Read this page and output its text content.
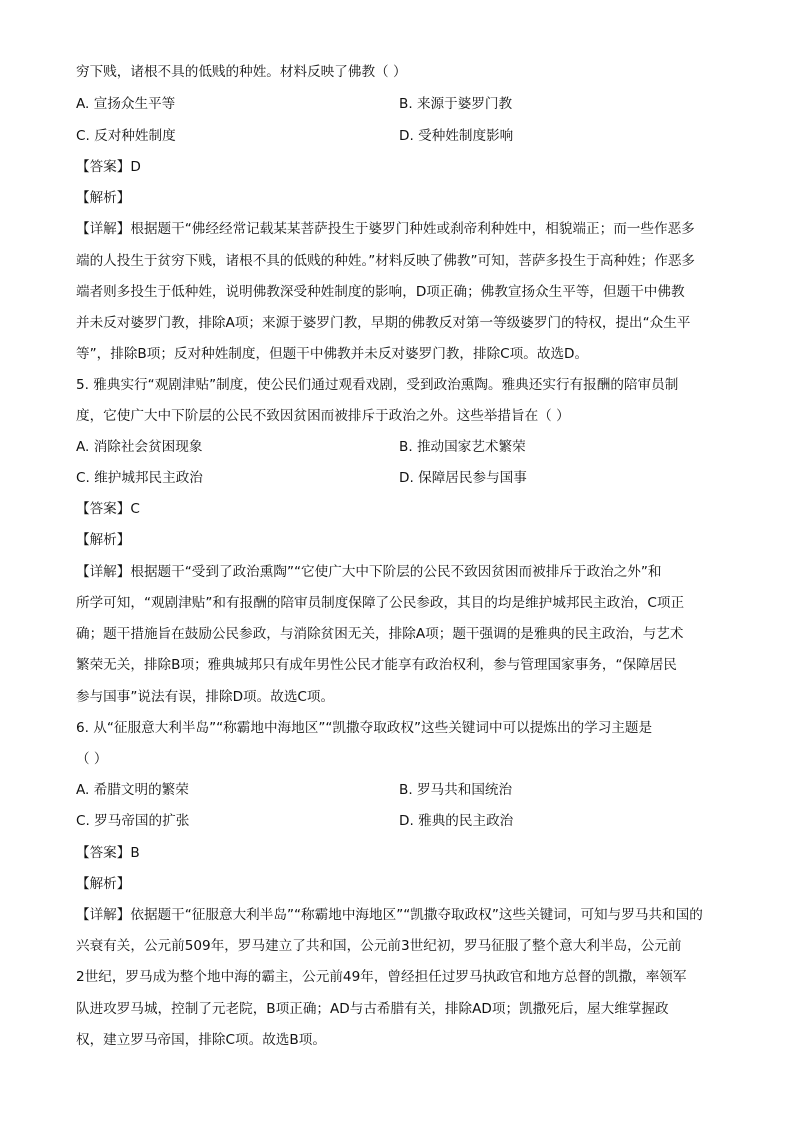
穷下贱，诸根不具的低贱的种姓。材料反映了佛教（ ）
A. 宣扬众生平等	B. 来源于婆罗门教
C. 反对种姓制度	D. 受种姓制度影响
【答案】D
【解析】
【详解】根据题干“佛经经常记载某某菩萨投生于婆罗门种姓或刹帝利种姓中，相貌端正；而一些作恶多
端的人投生于贫穷下贱，诸根不具的低贱的种姓。”材料反映了佛教”可知，菩萨多投生于高种姓；作恶多
端者则多投生于低种姓，说明佛教深受种姓制度的影响，D项正确；佛教宣扬众生平等，但题干中佛教
并未反对婆罗门教，排除A项；来源于婆罗门教，早期的佛教反对第一等级婆罗门的特权，提出“众生平
等”，排除B项；反对种姓制度，但题干中佛教并未反对婆罗门教，排除C项。故选D。
5. 雅典实行“观剧津贴”制度，使公民们通过观看戏剧，受到政治熏陶。雅典还实行有报酬的陪审员制
度，它使广大中下阶层的公民不致因贫困而被排斥于政治之外。这些举措旨在（ ）
A. 消除社会贫困现象	B. 推动国家艺术繁荣
C. 维护城邦民主政治	D. 保障居民参与国事
【答案】C
【解析】
【详解】根据题干“受到了政治熏陶”“它使广大中下阶层的公民不致因贫困而被排斥于政治之外”和
所学可知，“观剧津贴”和有报酬的陪审员制度保障了公民参政，其目的均是维护城邦民主政治，C项正
确；题干措施旨在鼓励公民参政，与消除贫困无关，排除A项；题干强调的是雅典的民主政治，与艺术
繁荣无关，排除B项；雅典城邦只有成年男性公民才能享有政治权利，参与管理国家事务，“保障居民
参与国事”说法有误，排除D项。故选C项。
6. 从“征服意大利半岛”“称霸地中海地区”“凯撒夺取政权”这些关键词中可以提炼出的学习主题是
（ ）
A. 希腊文明的繁荣	B. 罗马共和国统治
C. 罗马帝国的扩张	D. 雅典的民主政治
【答案】B
【解析】
【详解】依据题干“征服意大利半岛”“称霸地中海地区”“凯撒夺取政权”这些关键词，可知与罗马共和国的
兴衰有关，公元前509年，罗马建立了共和国，公元前3世纪初，罗马征服了整个意大利半岛，公元前
2世纪，罗马成为整个地中海的霸主，公元前49年，曾经担任过罗马执政官和地方总督的凯撒，率领军
队进攻罗马城，控制了元老院，B项正确；AD与古希腊有关，排除AD项；凯撒死后，屋大维掌握政
权，建立罗马帝国，排除C项。故选B项。
